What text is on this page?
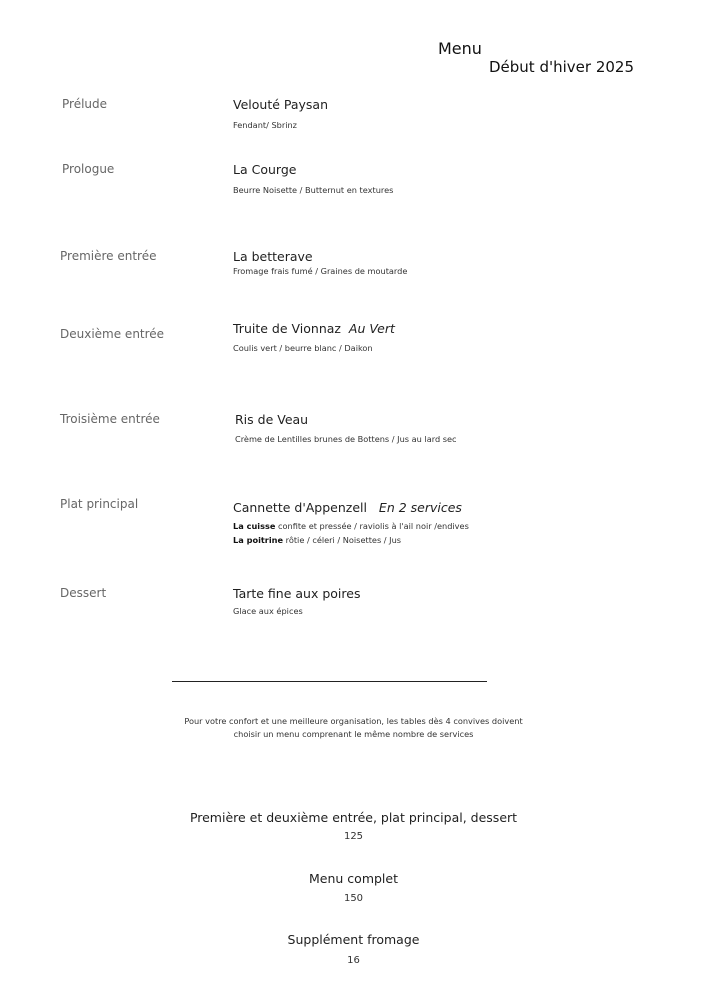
Menu
Début d'hiver 2025
Prélude	Velouté Paysan
Fendant/ Sbrinz
Prologue	La Courge
Beurre Noisette / Butternut en textures
Première entrée	La betterave
Fromage frais fumé / Graines de moutarde
Deuxième entrée	Truite de Vionnaz Au Vert
Coulis vert / beurre blanc / Daikon
Troisième entrée	Ris de Veau
Crème de Lentilles brunes de Bottens / Jus au lard sec
Plat principal	Cannette d'Appenzell En 2 services
La cuisse confite et pressée / raviolis à l'ail noir /endives
La poitrine rôtie / céleri / Noisettes / Jus
Dessert	Tarte fine aux poires
Glace aux épices
Pour votre confort et une meilleure organisation, les tables dès 4 convives doivent
choisir un menu comprenant le même nombre de services
Première et deuxième entrée, plat principal, dessert
125
Menu complet
150
Supplément fromage
16
